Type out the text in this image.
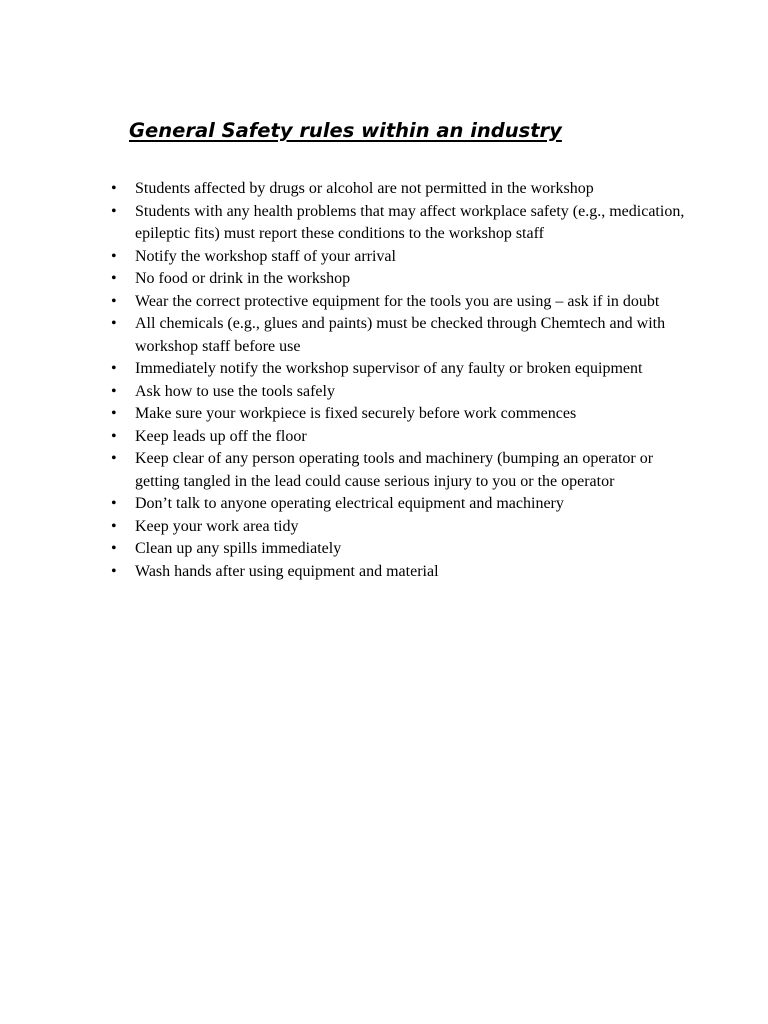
General Safety rules within an industry
• Students affected by drugs or alcohol are not permitted in the workshop
• Students with any health problems that may affect workplace safety (e.g., medication, epileptic fits) must report these conditions to the workshop staff
• Notify the workshop staff of your arrival
• No food or drink in the workshop
• Wear the correct protective equipment for the tools you are using – ask if in doubt
• All chemicals (e.g., glues and paints) must be checked through Chemtech and with workshop staff before use
• Immediately notify the workshop supervisor of any faulty or broken equipment
• Ask how to use the tools safely
• Make sure your workpiece is fixed securely before work commences
• Keep leads up off the floor
• Keep clear of any person operating tools and machinery (bumping an operator or getting tangled in the lead could cause serious injury to you or the operator
• Don’t talk to anyone operating electrical equipment and machinery
• Keep your work area tidy
• Clean up any spills immediately
• Wash hands after using equipment and material
